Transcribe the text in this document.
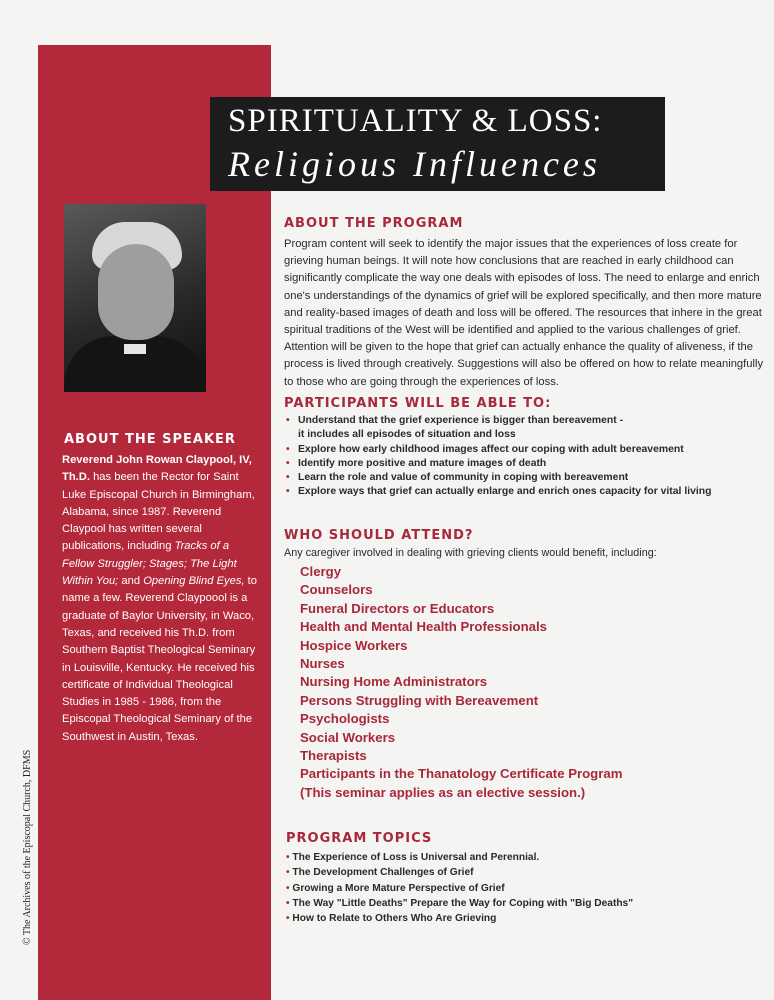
SPIRITUALITY & LOSS:
Religious Influences
ABOUT THE SPEAKER
Reverend John Rowan Claypool, IV, Th.D. has been the Rector for Saint Luke Episcopal Church in Birmingham, Alabama, since 1987. Reverend Claypool has written several publications, including Tracks of a Fellow Struggler; Stages; The Light Within You; and Opening Blind Eyes, to name a few. Reverend Claypoool is a graduate of Baylor University, in Waco, Texas, and received his Th.D. from Southern Baptist Theological Seminary in Louisville, Kentucky. He received his certificate of Individual Theological Studies in 1985 - 1986, from the Episcopal Theological Seminary of the Southwest in Austin, Texas.
© The Archives of the Episcopal Church, DFMS
ABOUT THE PROGRAM

Program content will seek to identify the major issues that the experiences of loss create for grieving human beings. It will note how conclusions that are reached in early childhood can significantly complicate the way one deals with episodes of loss. The need to enlarge and enrich one's understandings of the dynamics of grief will be explored specifically, and then more mature and reality-based images of death and loss will be offered. The resources that inhere in the great spiritual traditions of the West will be identified and applied to the various challenges of grief. Attention will be given to the hope that grief can actually enhance the quality of aliveness, if the process is lived through creatively. Suggestions will also be offered on how to relate meaningfully to those who are going through the experiences of loss.

PARTICIPANTS WILL BE ABLE TO:
• Understand that the grief experience is bigger than bereavement -
it includes all episodes of situation and loss
• Explore how early childhood images affect our coping with adult bereavement
• Identify more positive and mature images of death
• Learn the role and value of community in coping with bereavement
• Explore ways that grief can actually enlarge and enrich ones capacity for vital living
WHO SHOULD ATTEND?

Any caregiver involved in dealing with grieving clients would benefit, including:

Clergy
Counselors
Funeral Directors or Educators
Health and Mental Health Professionals
Hospice Workers
Nurses
Nursing Home Administrators
Persons Struggling with Bereavement
Psychologists
Social Workers
Therapists
Participants in the Thanatology Certificate Program
(This seminar applies as an elective session.)
PROGRAM TOPICS
• The Experience of Loss is Universal and Perennial.
• The Development Challenges of Grief
• Growing a More Mature Perspective of Grief
• The Way "Little Deaths" Prepare the Way for Coping with "Big Deaths"
• How to Relate to Others Who Are Grieving
